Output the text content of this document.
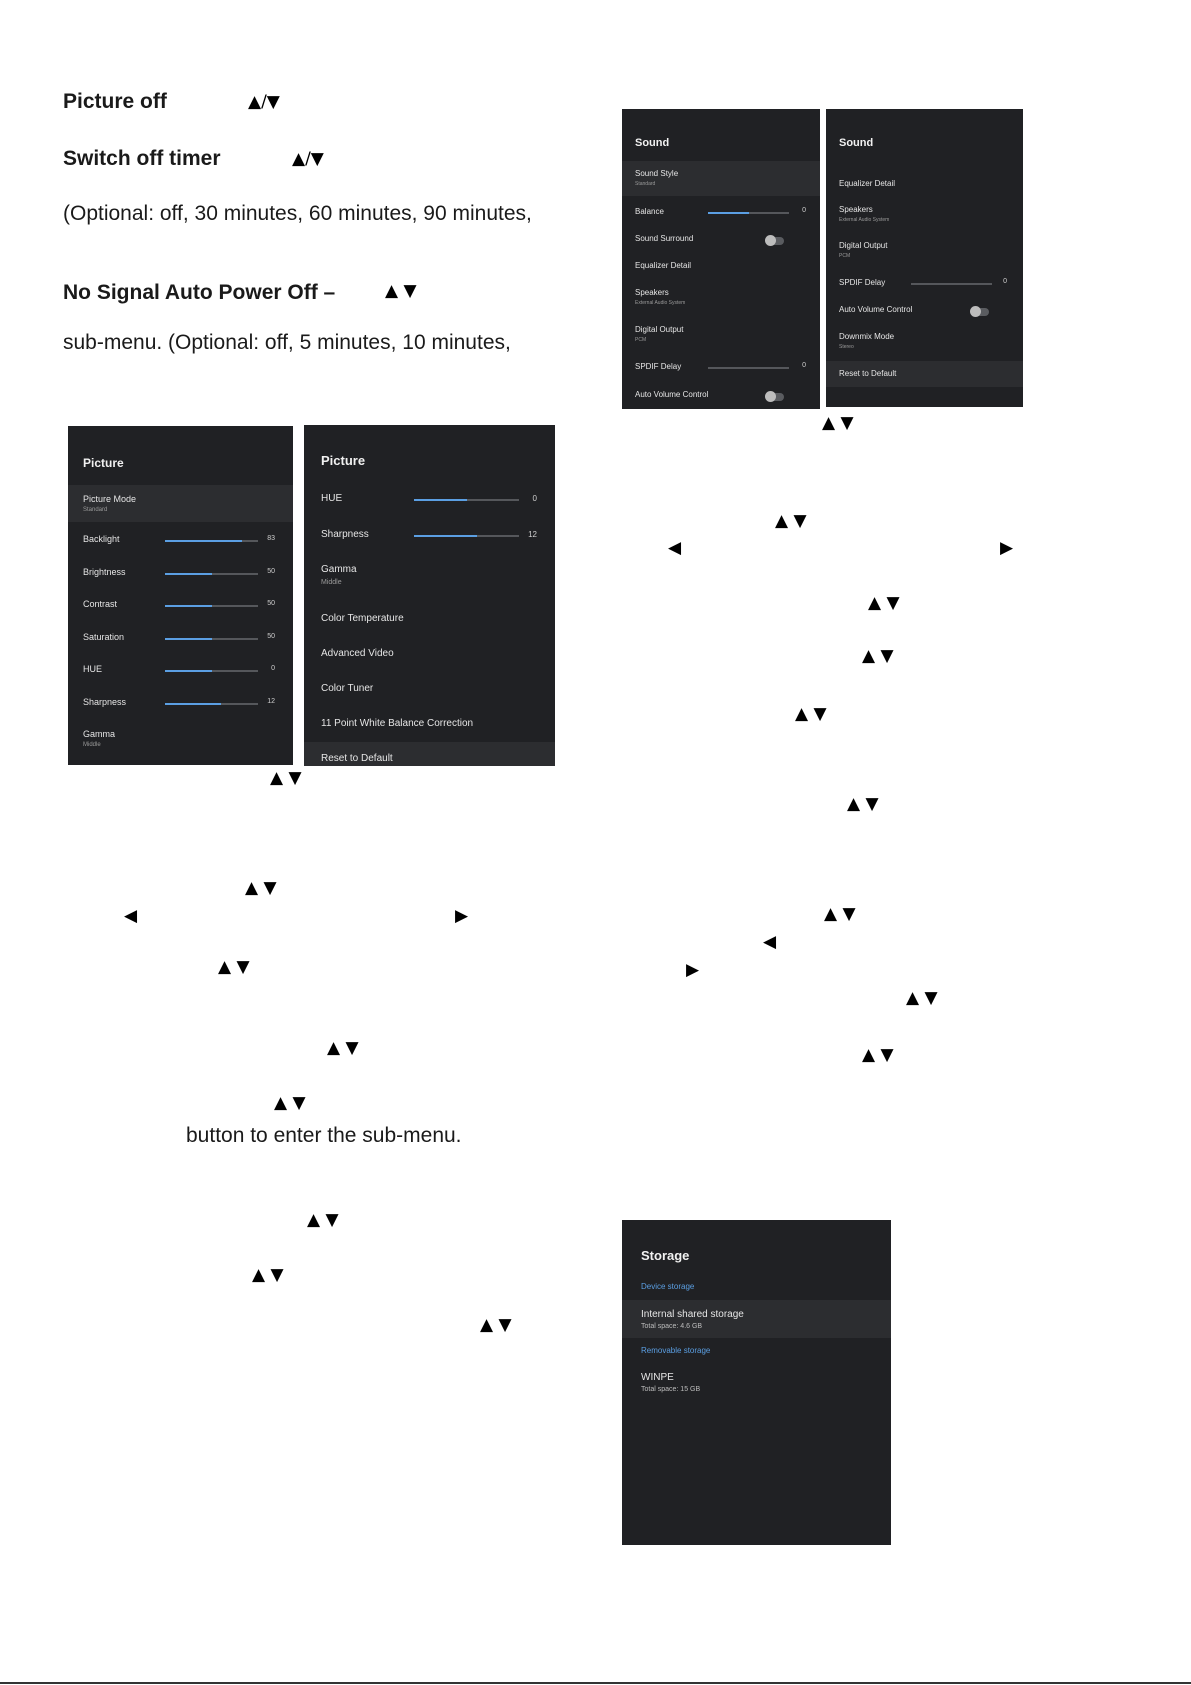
Picture off	▲/▼
Switch off timer	▲/▼
(Optional: off, 30 minutes, 60 minutes, 90 minutes,
No Signal Auto Power Off –	▲ ▼
sub-menu. (Optional: off, 5 minutes, 10 minutes,
Picture
Picture Mode
Standard
Backlight	83
Brightness	50
Contrast	50
Saturation	50
HUE	0
Sharpness	12
Gamma
Middle
Picture
HUE	0
Sharpness	12
Gamma
Middle
Color Temperature
Advanced Video
Color Tuner
11 Point White Balance Correction
Reset to Default
Sound
Sound Style
Standard
Balance	0
Sound Surround
Equalizer Detail
Speakers
External Audio System
Digital Output
PCM
SPDIF Delay	0
Auto Volume Control
Sound
Equalizer Detail
Speakers
External Audio System
Digital Output
PCM
SPDIF Delay	0
Auto Volume Control
Downmix Mode
Stereo
Reset to Default
Storage
Device storage
Internal shared storage
Total space: 4.6 GB
Removable storage
WINPE
Total space: 15 GB
▲ ▼
▲ ▼
▲ ▼
◀	▶
▲ ▼
▲ ▼
▲ ▼
▲ ▼
▲ ▼
◀	▶	▲ ▼
◀
▲ ▼	▶
▲ ▼
▲ ▼	▲ ▼
▲ ▼
button to enter the sub-menu.
▲ ▼
▲ ▼
▲ ▼
